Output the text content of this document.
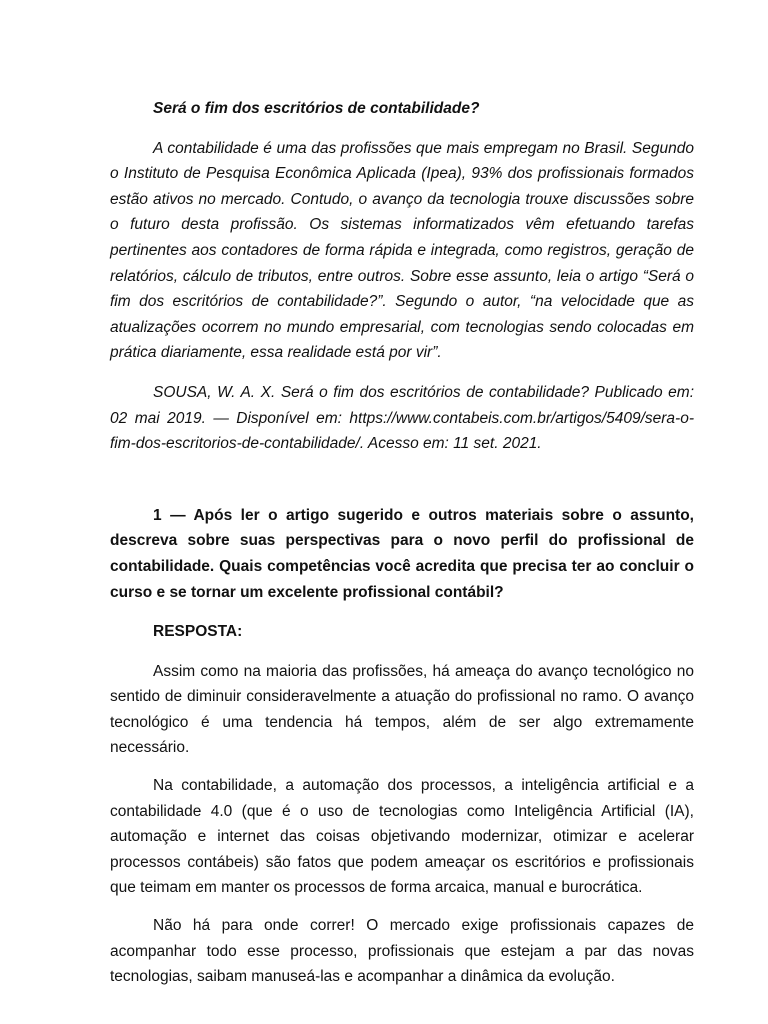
Será o fim dos escritórios de contabilidade?

A contabilidade é uma das profissões que mais empregam no Brasil. Segundo o Instituto de Pesquisa Econômica Aplicada (Ipea), 93% dos profissionais formados estão ativos no mercado. Contudo, o avanço da tecnologia trouxe discussões sobre o futuro desta profissão. Os sistemas informatizados vêm efetuando tarefas pertinentes aos contadores de forma rápida e integrada, como registros, geração de relatórios, cálculo de tributos, entre outros. Sobre esse assunto, leia o artigo “Será o fim dos escritórios de contabilidade?”. Segundo o autor, “na velocidade que as atualizações ocorrem no mundo empresarial, com tecnologias sendo colocadas em prática diariamente, essa realidade está por vir”.

SOUSA, W. A. X. Será o fim dos escritórios de contabilidade? Publicado em: 02 mai 2019. — Disponível em: https://www.contabeis.com.br/artigos/5409/sera-o-fim-dos-escritorios-de-contabilidade/. Acesso em: 11 set. 2021.

1 — Após ler o artigo sugerido e outros materiais sobre o assunto, descreva sobre suas perspectivas para o novo perfil do profissional de contabilidade. Quais competências você acredita que precisa ter ao concluir o curso e se tornar um excelente profissional contábil?

RESPOSTA:

Assim como na maioria das profissões, há ameaça do avanço tecnológico no sentido de diminuir consideravelmente a atuação do profissional no ramo. O avanço tecnológico é uma tendencia há tempos, além de ser algo extremamente necessário.

Na contabilidade, a automação dos processos, a inteligência artificial e a contabilidade 4.0 (que é o uso de tecnologias como Inteligência Artificial (IA), automação e internet das coisas objetivando modernizar, otimizar e acelerar processos contábeis) são fatos que podem ameaçar os escritórios e profissionais que teimam em manter os processos de forma arcaica, manual e burocrática.

Não há para onde correr! O mercado exige profissionais capazes de acompanhar todo esse processo, profissionais que estejam a par das novas tecnologias, saibam manuseá-las e acompanhar a dinâmica da evolução.
